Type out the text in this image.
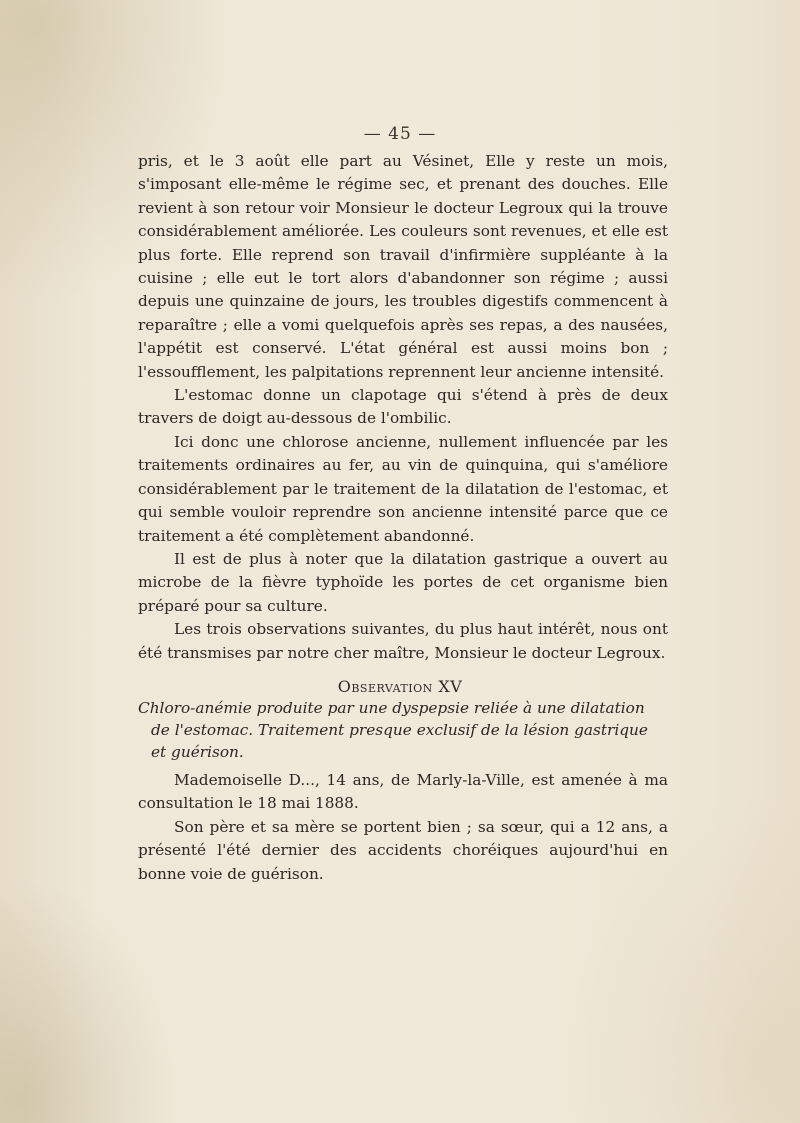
— 45 —

pris, et le 3 août elle part au Vésinet, Elle y reste un mois, s'imposant elle-même le régime sec, et prenant des douches. Elle revient à son retour voir Monsieur le docteur Legroux qui la trouve considérablement améliorée. Les couleurs sont revenues, et elle est plus forte. Elle reprend son travail d'infirmière suppléante à la cuisine ; elle eut le tort alors d'abandonner son régime ; aussi depuis une quinzaine de jours, les troubles digestifs commencent à reparaître ; elle a vomi quelquefois après ses repas, a des nausées, l'appétit est conservé. L'état général est aussi moins bon ; l'essoufflement, les palpitations reprennent leur ancienne intensité.

L'estomac donne un clapotage qui s'étend à près de deux travers de doigt au-dessous de l'ombilic.

Ici donc une chlorose ancienne, nullement influencée par les traitements ordinaires au fer, au vin de quinquina, qui s'améliore considérablement par le traitement de la dilatation de l'estomac, et qui semble vouloir reprendre son ancienne intensité parce que ce traitement a été complètement abandonné.

Il est de plus à noter que la dilatation gastrique a ouvert au microbe de la fièvre typhoïde les portes de cet organisme bien préparé pour sa culture.

Les trois observations suivantes, du plus haut intérêt, nous ont été transmises par notre cher maître, Monsieur le docteur Legroux.

Observation XV
Chloro-anémie produite par une dyspepsie reliée à une dilatation
de l'estomac. Traitement presque exclusif de la lésion gastrique
et guérison.

Mademoiselle D..., 14 ans, de Marly-la-Ville, est amenée à ma consultation le 18 mai 1888.

Son père et sa mère se portent bien ; sa sœur, qui a 12 ans, a présenté l'été dernier des accidents choréiques aujourd'hui en bonne voie de guérison.
